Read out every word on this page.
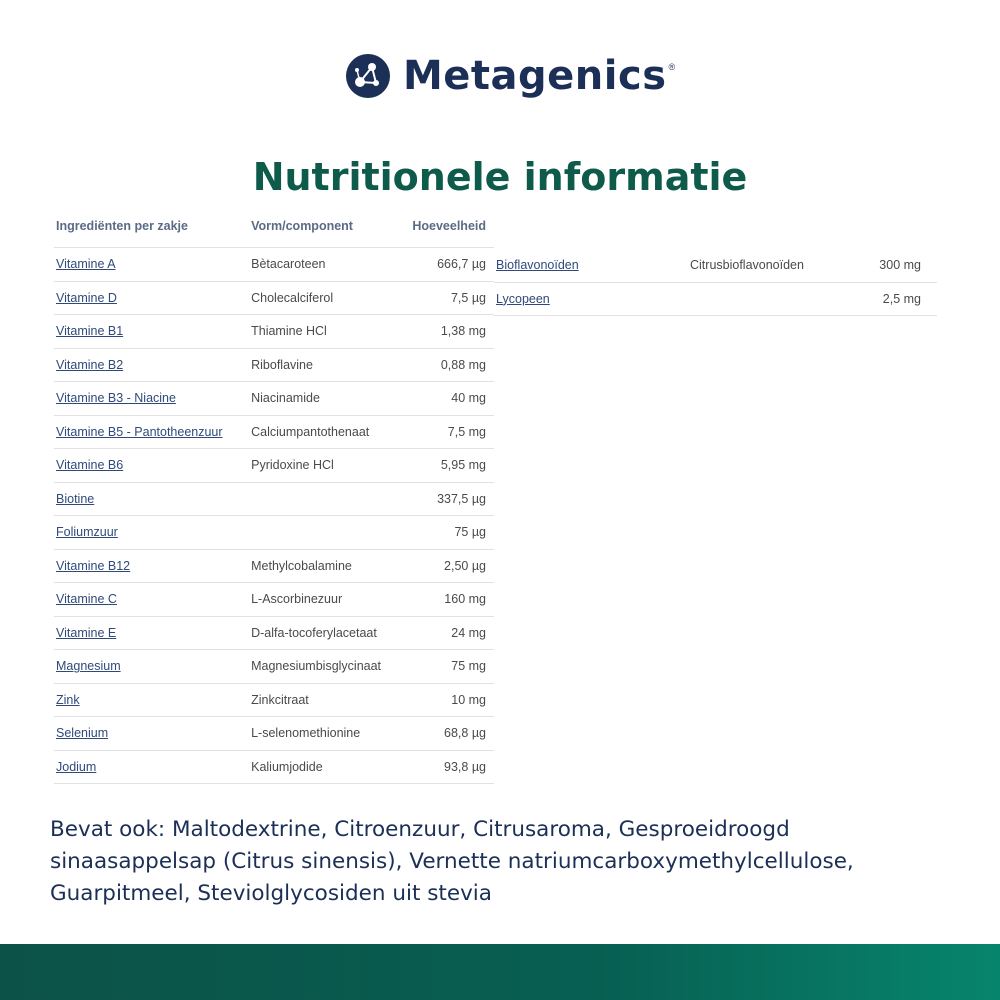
Metagenics ®
Nutritionele informatie
Ingrediënten per zakje	Vorm/component	Hoeveelheid
Vitamine A	Bètacaroteen	666,7 µg
Vitamine D	Cholecalciferol	7,5 µg
Vitamine B1	Thiamine HCl	1,38 mg
Vitamine B2	Riboflavine	0,88 mg
Vitamine B3 - Niacine	Niacinamide	40 mg
Vitamine B5 - Pantotheenzuur	Calciumpantothenaat	7,5 mg
Vitamine B6	Pyridoxine HCl	5,95 mg
Biotine		337,5 µg
Foliumzuur		75 µg
Vitamine B12	Methylcobalamine	2,50 µg
Vitamine C	L-Ascorbinezuur	160 mg
Vitamine E	D-alfa-tocoferylacetaat	24 mg
Magnesium	Magnesiumbisglycinaat	75 mg
Zink	Zinkcitraat	10 mg
Selenium	L-selenomethionine	68,8 µg
Jodium	Kaliumjodide	93,8 µg
Bioflavonoïden	Citrusbioflavonoïden	300 mg
Lycopeen		2,5 mg
Bevat ook: Maltodextrine, Citroenzuur, Citrusaroma, Gesproeidroogd sinaasappelsap (Citrus sinensis), Vernette natriumcarboxymethylcellulose, Guarpitmeel, Steviolglycosiden uit stevia
